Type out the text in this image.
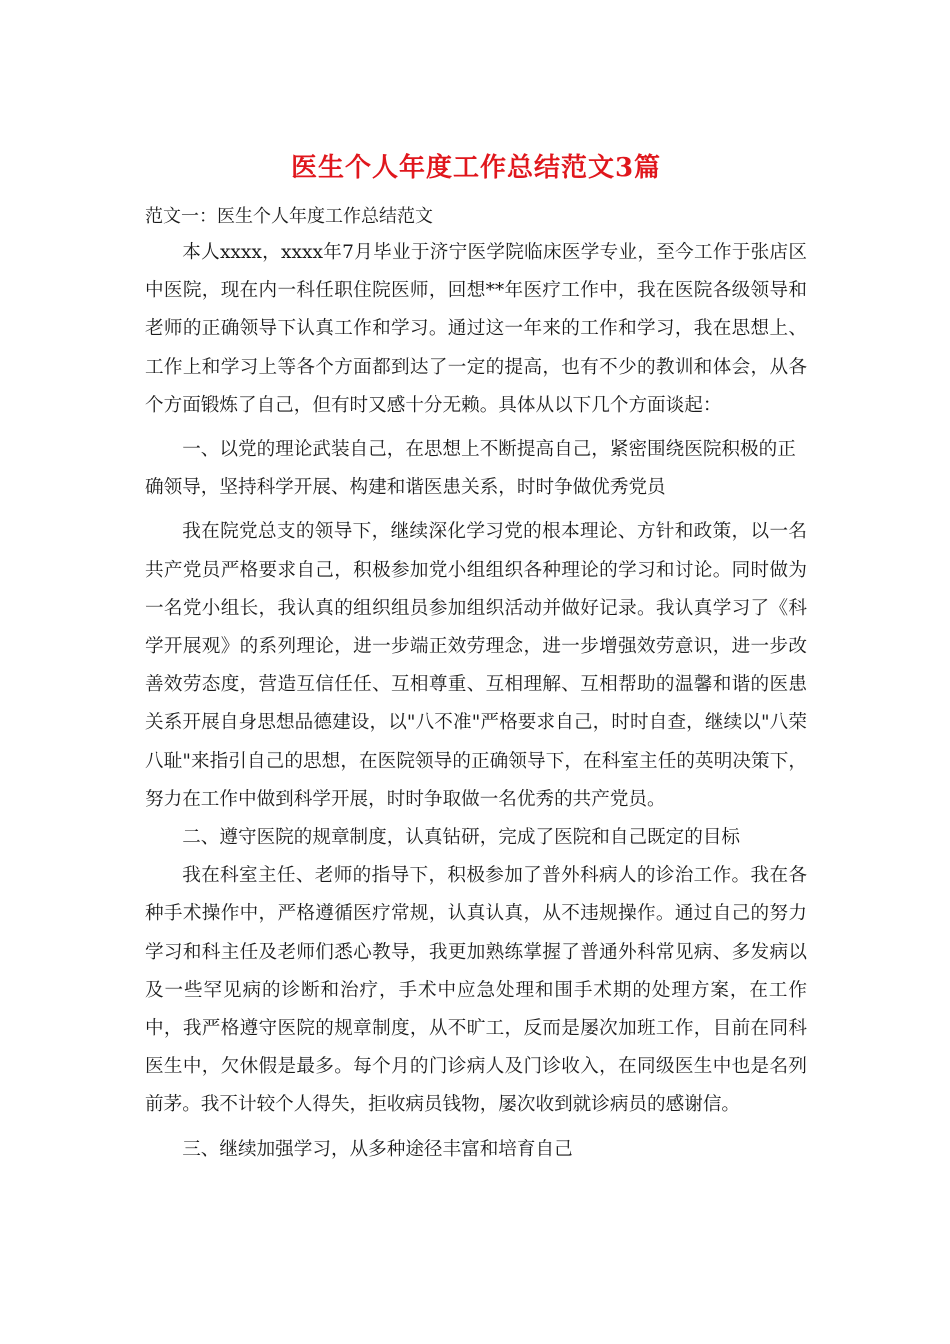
医生个人年度工作总结范文3篇

范文一：医生个人年度工作总结范文

本人xxxx，xxxx年7月毕业于济宁医学院临床医学专业，至今工作于张店区中医院，现在内一科任职住院医师，回想**年医疗工作中，我在医院各级领导和老师的正确领导下认真工作和学习。通过这一年来的工作和学习，我在思想上、工作上和学习上等各个方面都到达了一定的提高，也有不少的教训和体会，从各个方面锻炼了自己，但有时又感十分无赖。具体从以下几个方面谈起：

一、以党的理论武装自己，在思想上不断提高自己，紧密围绕医院积极的正确领导，坚持科学开展、构建和谐医患关系，时时争做优秀党员

我在院党总支的领导下，继续深化学习党的根本理论、方针和政策，以一名共产党员严格要求自己，积极参加党小组组织各种理论的学习和讨论。同时做为一名党小组长，我认真的组织组员参加组织活动并做好记录。我认真学习了《科学开展观》的系列理论，进一步端正效劳理念，进一步增强效劳意识，进一步改善效劳态度，营造互信任任、互相尊重、互相理解、互相帮助的温馨和谐的医患关系开展自身思想品德建设，以"八不准"严格要求自己，时时自查，继续以"八荣八耻"来指引自己的思想，在医院领导的正确领导下，在科室主任的英明决策下，努力在工作中做到科学开展，时时争取做一名优秀的共产党员。

二、遵守医院的规章制度，认真钻研，完成了医院和自己既定的目标

我在科室主任、老师的指导下，积极参加了普外科病人的诊治工作。我在各种手术操作中，严格遵循医疗常规，认真认真，从不违规操作。通过自己的努力学习和科主任及老师们悉心教导，我更加熟练掌握了普通外科常见病、多发病以及一些罕见病的诊断和治疗，手术中应急处理和围手术期的处理方案，在工作中，我严格遵守医院的规章制度，从不旷工，反而是屡次加班工作，目前在同科医生中，欠休假是最多。每个月的门诊病人及门诊收入，在同级医生中也是名列前茅。我不计较个人得失，拒收病员钱物，屡次收到就诊病员的感谢信。

三、继续加强学习，从多种途径丰富和培育自己
